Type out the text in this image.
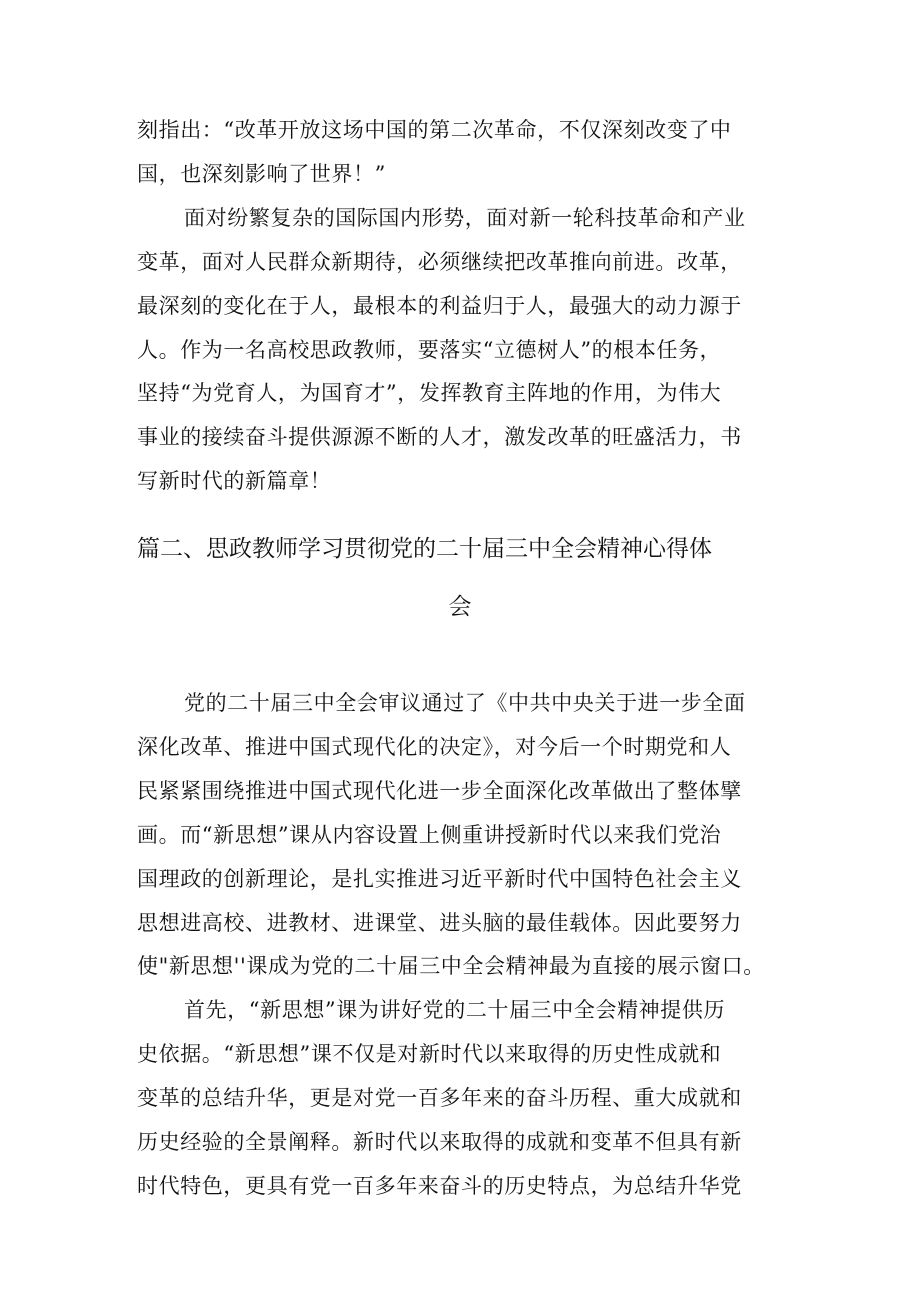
刻指出：“改革开放这场中国的第二次革命，不仅深刻改变了中
国，也深刻影响了世界！”
面对纷繁复杂的国际国内形势，面对新一轮科技革命和产业
变革，面对人民群众新期待，必须继续把改革推向前进。改革，
最深刻的变化在于人，最根本的利益归于人，最强大的动力源于
人。作为一名高校思政教师，要落实“立德树人”的根本任务，
坚持“为党育人，为国育才”，发挥教育主阵地的作用，为伟大
事业的接续奋斗提供源源不断的人才，激发改革的旺盛活力，书
写新时代的新篇章！
篇二、思政教师学习贯彻党的二十届三中全会精神心得体
会
党的二十届三中全会审议通过了《中共中央关于进一步全面
深化改革、推进中国式现代化的决定》，对今后一个时期党和人
民紧紧围绕推进中国式现代化进一步全面深化改革做出了整体擘
画。而“新思想”课从内容设置上侧重讲授新时代以来我们党治
国理政的创新理论，是扎实推进习近平新时代中国特色社会主义
思想进高校、进教材、进课堂、进头脑的最佳载体。因此要努力
使"新思想''课成为党的二十届三中全会精神最为直接的展示窗口。
首先，“新思想”课为讲好党的二十届三中全会精神提供历
史依据。“新思想”课不仅是对新时代以来取得的历史性成就和
变革的总结升华，更是对党一百多年来的奋斗历程、重大成就和
历史经验的全景阐释。新时代以来取得的成就和变革不但具有新
时代特色，更具有党一百多年来奋斗的历史特点，为总结升华党
